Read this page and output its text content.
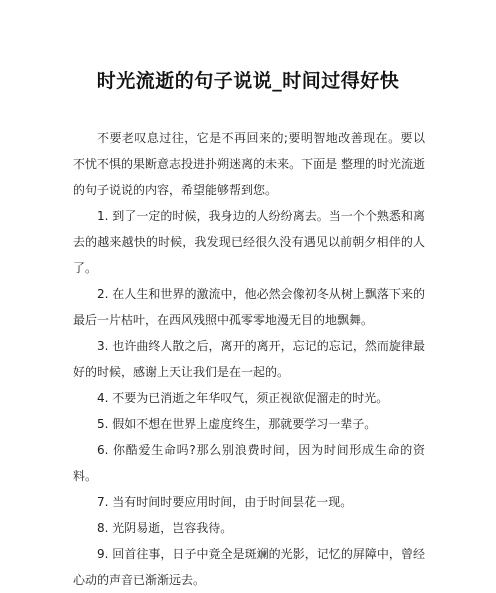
时光流逝的句子说说_时间过得好快

不要老叹息过往，它是不再回来的;要明智地改善现在。要以不忧不惧的果断意志投进扑朔迷离的未来。下面是 整理的时光流逝的句子说说的内容，希望能够帮到您。

1. 到了一定的时候，我身边的人纷纷离去。当一个个熟悉和离去的越来越快的时候，我发现已经很久没有遇见以前朝夕相伴的人了。

2. 在人生和世界的激流中，他必然会像初冬从树上飘落下来的最后一片枯叶，在西风残照中孤零零地漫无目的地飘舞。

3. 也许曲终人散之后，离开的离开，忘记的忘记，然而旋律最好的时候，感谢上天让我们是在一起的。

4. 不要为已消逝之年华叹气，须正视欲促溜走的时光。

5. 假如不想在世界上虚度终生，那就要学习一辈子。

6. 你酷爱生命吗?那么别浪费时间，因为时间形成生命的资料。

7. 当有时间时要应用时间，由于时间昙花一现。

8. 光阴易逝，岂容我待。

9. 回首往事，日子中竟全是斑斓的光影，记忆的屏障中，曾经心动的声音已渐渐远去。
